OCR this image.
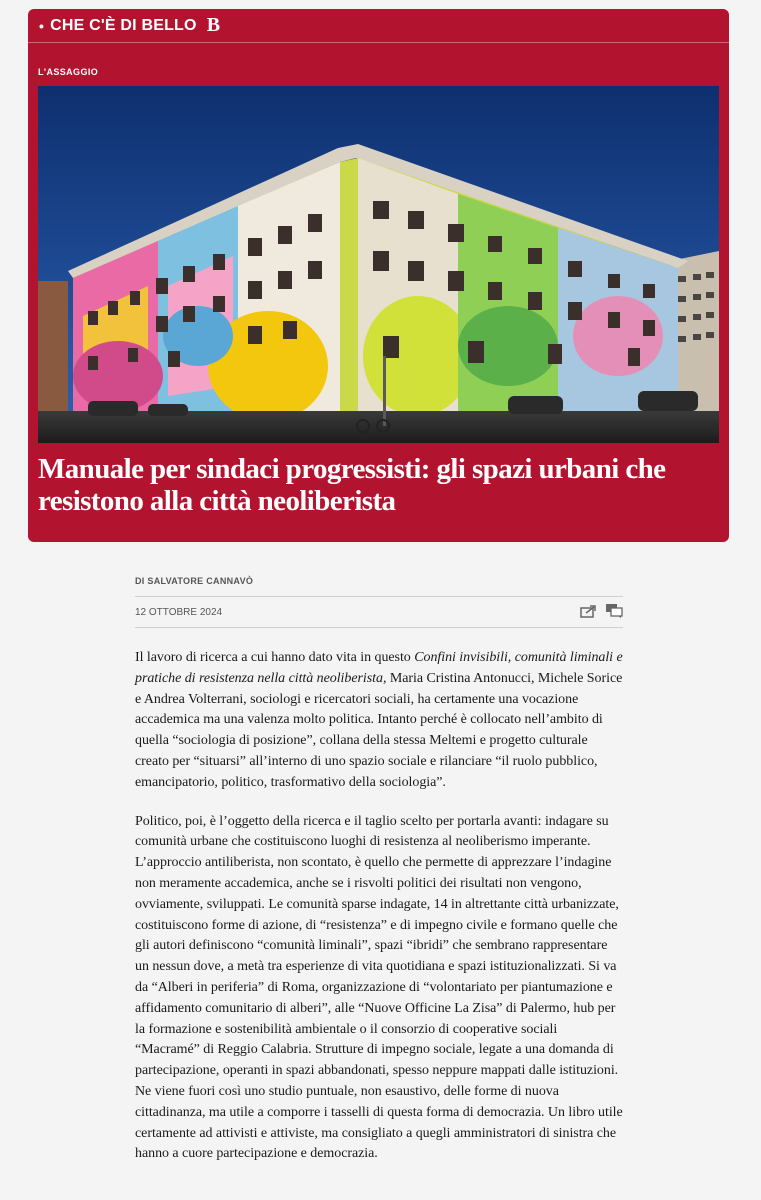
• CHE C'È DI BELLO B
L'ASSAGGIO
Manuale per sindaci progressisti: gli spazi urbani che resistono alla città neoliberista
DI SALVATORE CANNAVÒ
12 OTTOBRE 2024

Il lavoro di ricerca a cui hanno dato vita in questo Confini invisibili, comunità liminali e pratiche di resistenza nella città neoliberista, Maria Cristina Antonucci, Michele Sorice e Andrea Volterrani, sociologi e ricercatori sociali, ha certamente una vocazione accademica ma una valenza molto politica. Intanto perché è collocato nell’ambito di quella “sociologia di posizione”, collana della stessa Meltemi e progetto culturale creato per “situarsi” all’interno di uno spazio sociale e rilanciare “il ruolo pubblico, emancipatorio, politico, trasformativo della sociologia”.

Politico, poi, è l’oggetto della ricerca e il taglio scelto per portarla avanti: indagare su comunità urbane che costituiscono luoghi di resistenza al neoliberismo imperante. L’approccio antiliberista, non scontato, è quello che permette di apprezzare l’indagine non meramente accademica, anche se i risvolti politici dei risultati non vengono, ovviamente, sviluppati. Le comunità sparse indagate, 14 in altrettante città urbanizzate, costituiscono forme di azione, di “resistenza” e di impegno civile e formano quelle che gli autori definiscono “comunità liminali”, spazi “ibridi” che sembrano rappresentare un nessun dove, a metà tra esperienze di vita quotidiana e spazi istituzionalizzati. Si va da “Alberi in periferia” di Roma, organizzazione di “volontariato per piantumazione e affidamento comunitario di alberi”, alle “Nuove Officine La Zisa” di Palermo, hub per la formazione e sostenibilità ambientale o il consorzio di cooperative sociali “Macramé” di Reggio Calabria. Strutture di impegno sociale, legate a una domanda di partecipazione, operanti in spazi abbandonati, spesso neppure mappati dalle istituzioni. Ne viene fuori così uno studio puntuale, non esaustivo, delle forme di nuova cittadinanza, ma utile a comporre i tasselli di questa forma di democrazia. Un libro utile certamente ad attivisti e attiviste, ma consigliato a quegli amministratori di sinistra che hanno a cuore partecipazione e democrazia.
